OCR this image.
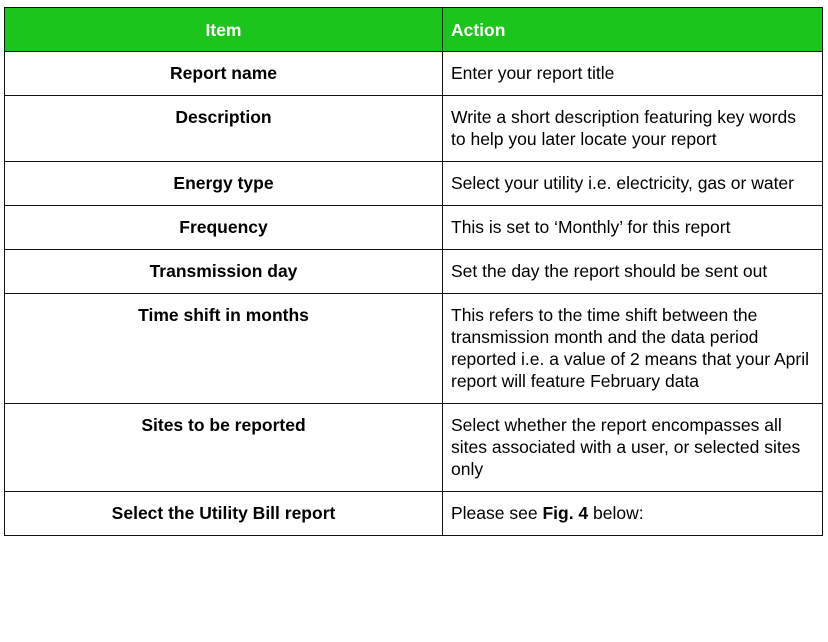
Item	Action
Report name	Enter your report title
Description	Write a short description featuring key words to help you later locate your report
Energy type	Select your utility i.e. electricity, gas or water
Frequency	This is set to ‘Monthly’ for this report
Transmission day	Set the day the report should be sent out
Time shift in months	This refers to the time shift between the transmission month and the data period reported i.e. a value of 2 means that your April report will feature February data
Sites to be reported	Select whether the report encompasses all sites associated with a user, or selected sites only
Select the Utility Bill report	Please see Fig. 4 below:
